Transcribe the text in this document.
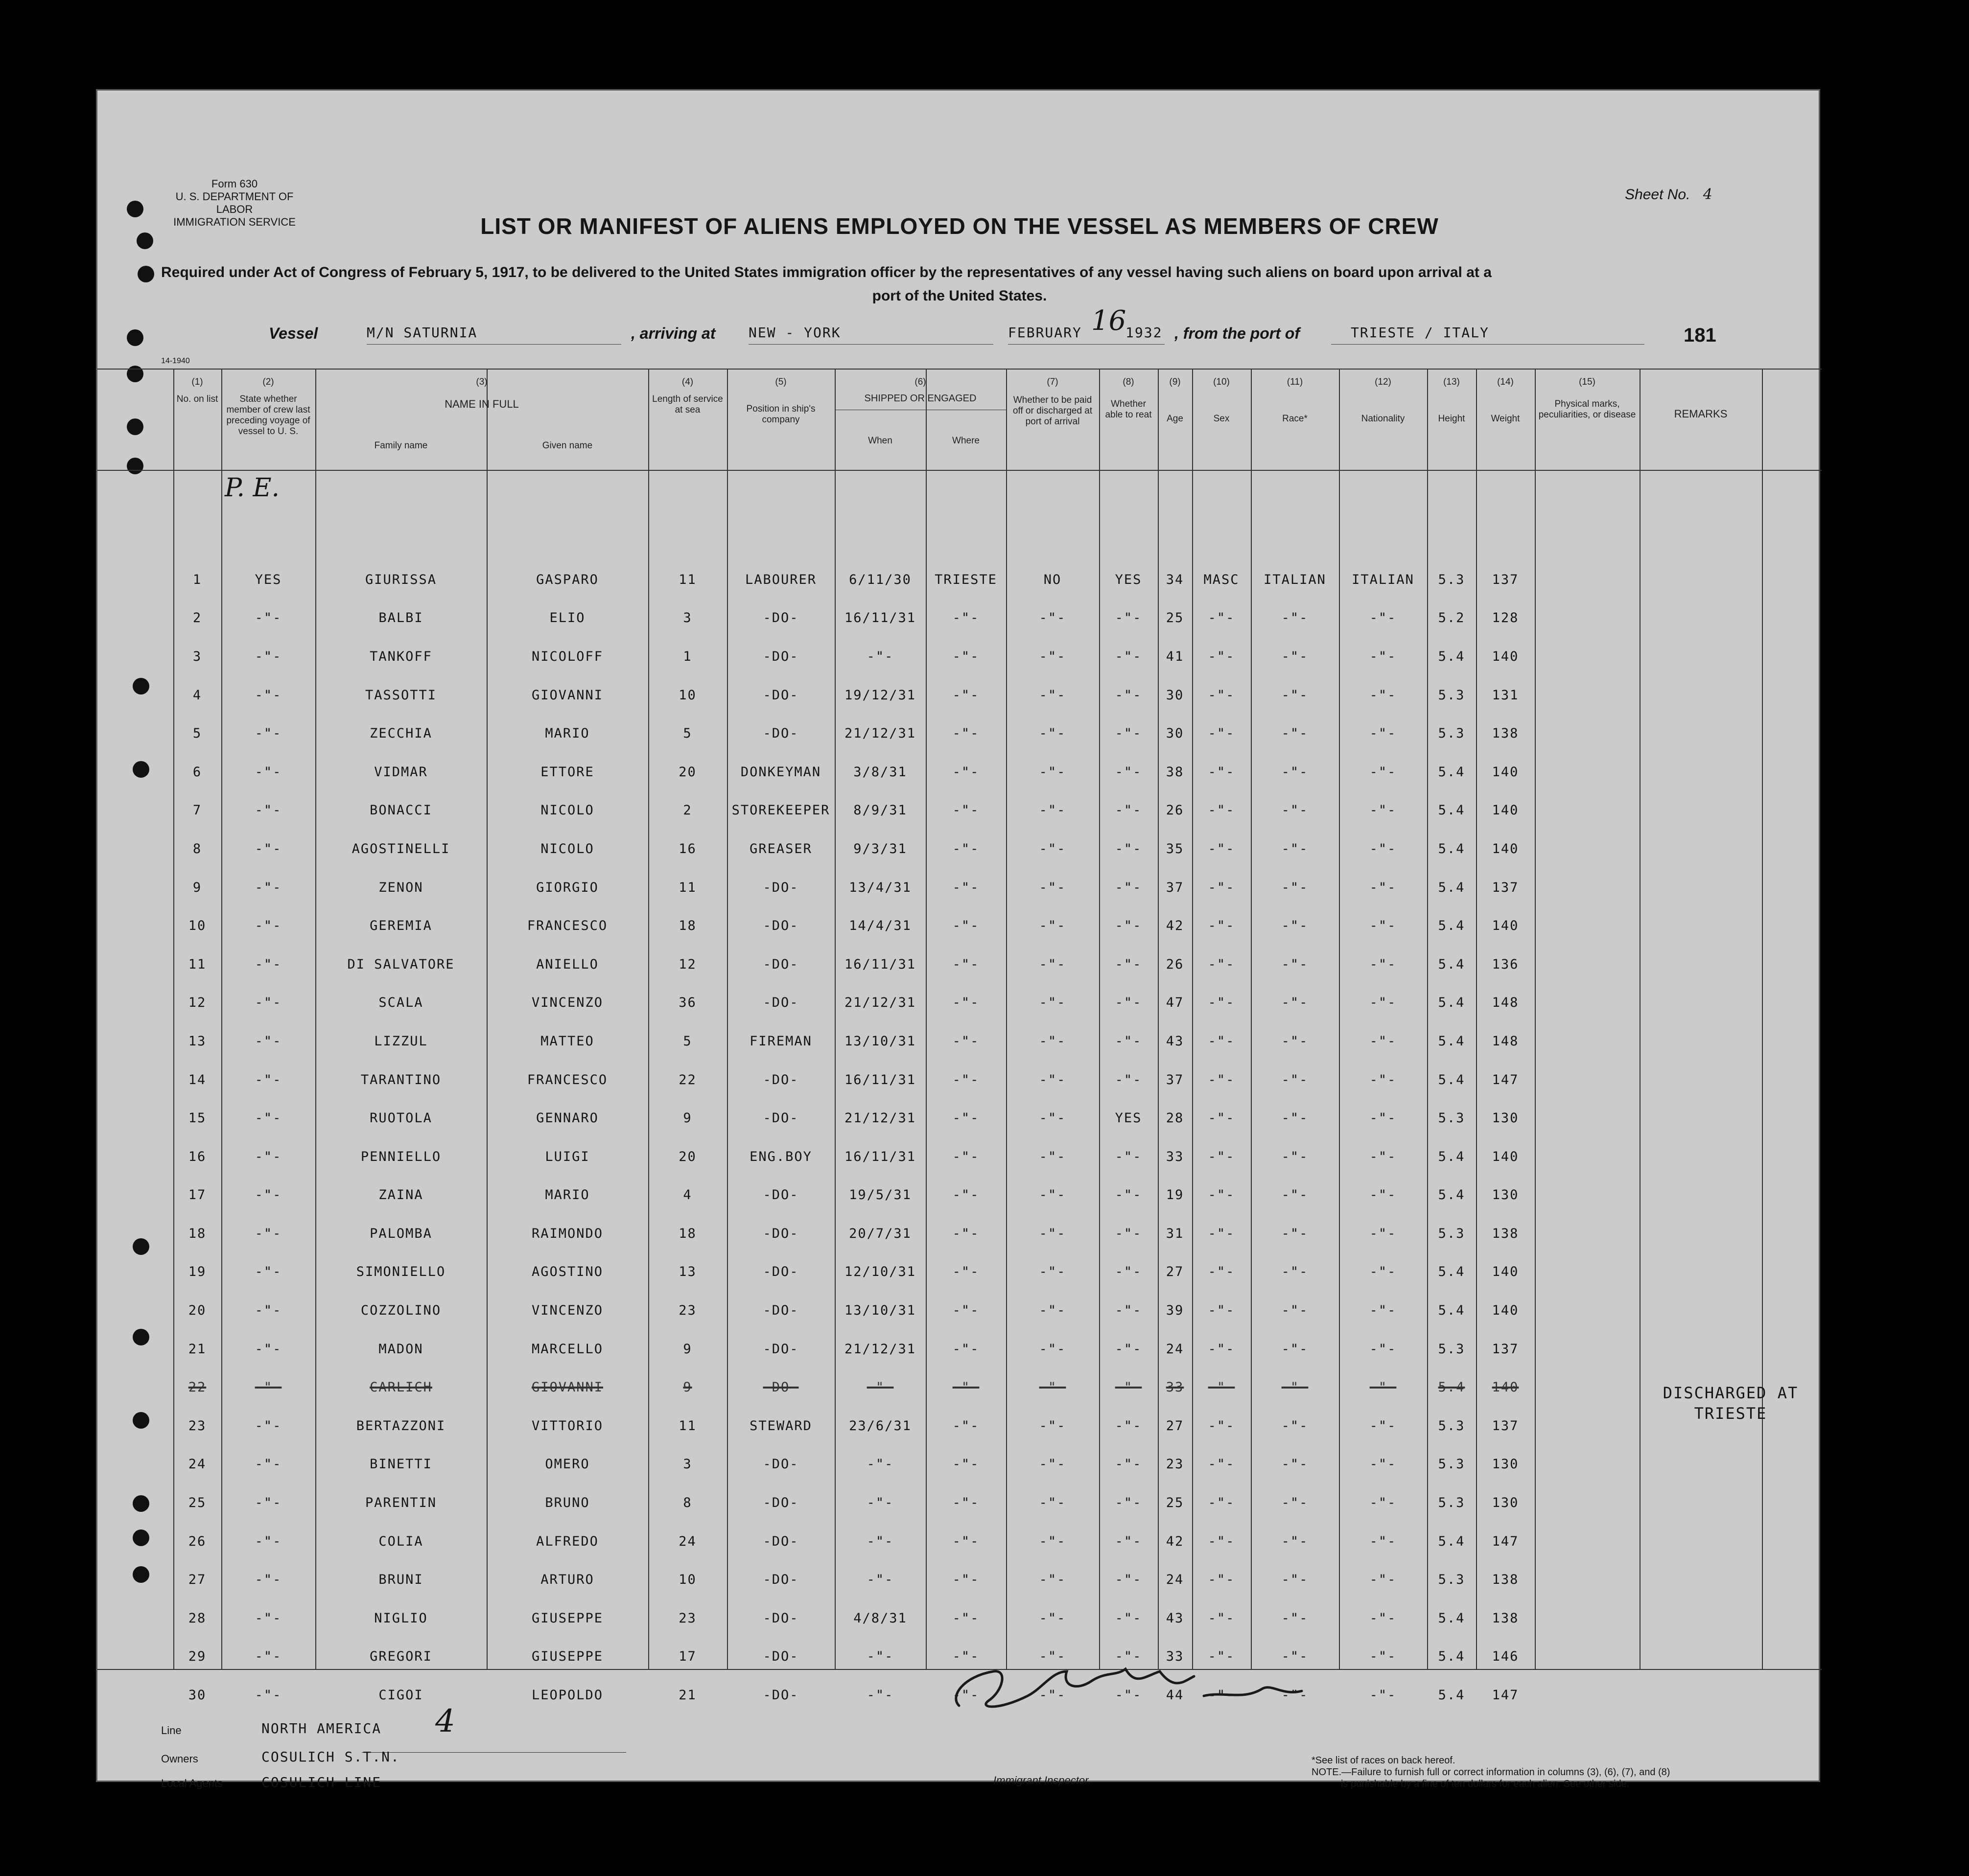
Form 630
U. S. DEPARTMENT OF LABOR
IMMIGRATION SERVICE
Sheet No. 4
LIST OR MANIFEST OF ALIENS EMPLOYED ON THE VESSEL AS MEMBERS OF CREW
Required under Act of Congress of February 5, 1917, to be delivered to the United States immigration officer by the representatives of any vessel having such aliens on board upon arrival at a
port of the United States.
Vessel	M/N SATURNIA	, arriving at NEW - YORK	FEBRUARY 16
1932 , from the port of	TRIESTE / ITALY	181
14-1940
(1)
No. on list
(2)
State whether member of crew last preceding voyage of vessel to U. S.
(3)
NAME IN FULL
Family name	Given name
(4)
Length of service at sea
(5)
Position in ship's company
(6)
SHIPPED OR ENGAGED
When	Where
(7)
Whether to be paid off or discharged at port of arrival
(8)
Whether able to reat
(9)
Age
(10)
Sex
(11)
Race*
(12)
Nationality
(13)
Height
(14)
Weight
(15)
Physical marks, peculiarities, or disease	REMARKS
P. E.
1	YES	GIURISSA	GASPARO	11	LABOURER	6/11/30	TRIESTE	NO	YES	34	MASC	ITALIAN	ITALIAN	5.3	137	
2	-"-	BALBI	ELIO	3	-DO-	16/11/31	-"-	-"-	-"-	25	-"-	-"-	-"-	5.2	128	
3	-"-	TANKOFF	NICOLOFF	1	-DO-	-"-	-"-	-"-	-"-	41	-"-	-"-	-"-	5.4	140	
4	-"-	TASSOTTI	GIOVANNI	10	-DO-	19/12/31	-"-	-"-	-"-	30	-"-	-"-	-"-	5.3	131	
5	-"-	ZECCHIA	MARIO	5	-DO-	21/12/31	-"-	-"-	-"-	30	-"-	-"-	-"-	5.3	138	
6	-"-	VIDMAR	ETTORE	20	DONKEYMAN	3/8/31	-"-	-"-	-"-	38	-"-	-"-	-"-	5.4	140	
7	-"-	BONACCI	NICOLO	2	STOREKEEPER	8/9/31	-"-	-"-	-"-	26	-"-	-"-	-"-	5.4	140	
8	-"-	AGOSTINELLI	NICOLO	16	GREASER	9/3/31	-"-	-"-	-"-	35	-"-	-"-	-"-	5.4	140	
9	-"-	ZENON	GIORGIO	11	-DO-	13/4/31	-"-	-"-	-"-	37	-"-	-"-	-"-	5.4	137	
10	-"-	GEREMIA	FRANCESCO	18	-DO-	14/4/31	-"-	-"-	-"-	42	-"-	-"-	-"-	5.4	140	
11	-"-	DI SALVATORE	ANIELLO	12	-DO-	16/11/31	-"-	-"-	-"-	26	-"-	-"-	-"-	5.4	136	
12	-"-	SCALA	VINCENZO	36	-DO-	21/12/31	-"-	-"-	-"-	47	-"-	-"-	-"-	5.4	148	
13	-"-	LIZZUL	MATTEO	5	FIREMAN	13/10/31	-"-	-"-	-"-	43	-"-	-"-	-"-	5.4	148	
14	-"-	TARANTINO	FRANCESCO	22	-DO-	16/11/31	-"-	-"-	-"-	37	-"-	-"-	-"-	5.4	147	
15	-"-	RUOTOLA	GENNARO	9	-DO-	21/12/31	-"-	-"-	YES	28	-"-	-"-	-"-	5.3	130	
16	-"-	PENNIELLO	LUIGI	20	ENG.BOY	16/11/31	-"-	-"-	-"-	33	-"-	-"-	-"-	5.4	140	
17	-"-	ZAINA	MARIO	4	-DO-	19/5/31	-"-	-"-	-"-	19	-"-	-"-	-"-	5.4	130	
18	-"-	PALOMBA	RAIMONDO	18	-DO-	20/7/31	-"-	-"-	-"-	31	-"-	-"-	-"-	5.3	138	
19	-"-	SIMONIELLO	AGOSTINO	13	-DO-	12/10/31	-"-	-"-	-"-	27	-"-	-"-	-"-	5.4	140	
20	-"-	COZZOLINO	VINCENZO	23	-DO-	13/10/31	-"-	-"-	-"-	39	-"-	-"-	-"-	5.4	140	
21	-"-	MADON	MARCELLO	9	-DO-	21/12/31	-"-	-"-	-"-	24	-"-	-"-	-"-	5.3	137	
22	-"-	CARLICH	GIOVANNI	9	-DO-	-"-	-"-	-"-	-"-	33	-"-	-"-	-"-	5.4	140	
23	-"-	BERTAZZONI	VITTORIO	11	STEWARD	23/6/31	-"-	-"-	-"-	27	-"-	-"-	-"-	5.3	137	
24	-"-	BINETTI	OMERO	3	-DO-	-"-	-"-	-"-	-"-	23	-"-	-"-	-"-	5.3	130	
25	-"-	PARENTIN	BRUNO	8	-DO-	-"-	-"-	-"-	-"-	25	-"-	-"-	-"-	5.3	130	
26	-"-	COLIA	ALFREDO	24	-DO-	-"-	-"-	-"-	-"-	42	-"-	-"-	-"-	5.4	147	
27	-"-	BRUNI	ARTURO	10	-DO-	-"-	-"-	-"-	-"-	24	-"-	-"-	-"-	5.3	138	
28	-"-	NIGLIO	GIUSEPPE	23	-DO-	4/8/31	-"-	-"-	-"-	43	-"-	-"-	-"-	5.4	138	
29	-"-	GREGORI	GIUSEPPE	17	-DO-	-"-	-"-	-"-	-"-	33	-"-	-"-	-"-	5.4	146	
30	-"-	CIGOI	LEOPOLDO	21	-DO-	-"-	-"-	-"-	-"-	44	-"-	-"-	-"-	5.4	147	
DISCHARGED AT
TRIESTE
Line	NORTH AMERICA 4
Owners	COSULICH S.T.N.
Local Agents	COSULICH LINE	Immigrant Inspector.
*See list of races on back hereof.
NOTE.—Failure to furnish full or correct information in columns (3), (6), (7), and (8)
is punishable by a fine of ten dollars for each alien. See other side.
